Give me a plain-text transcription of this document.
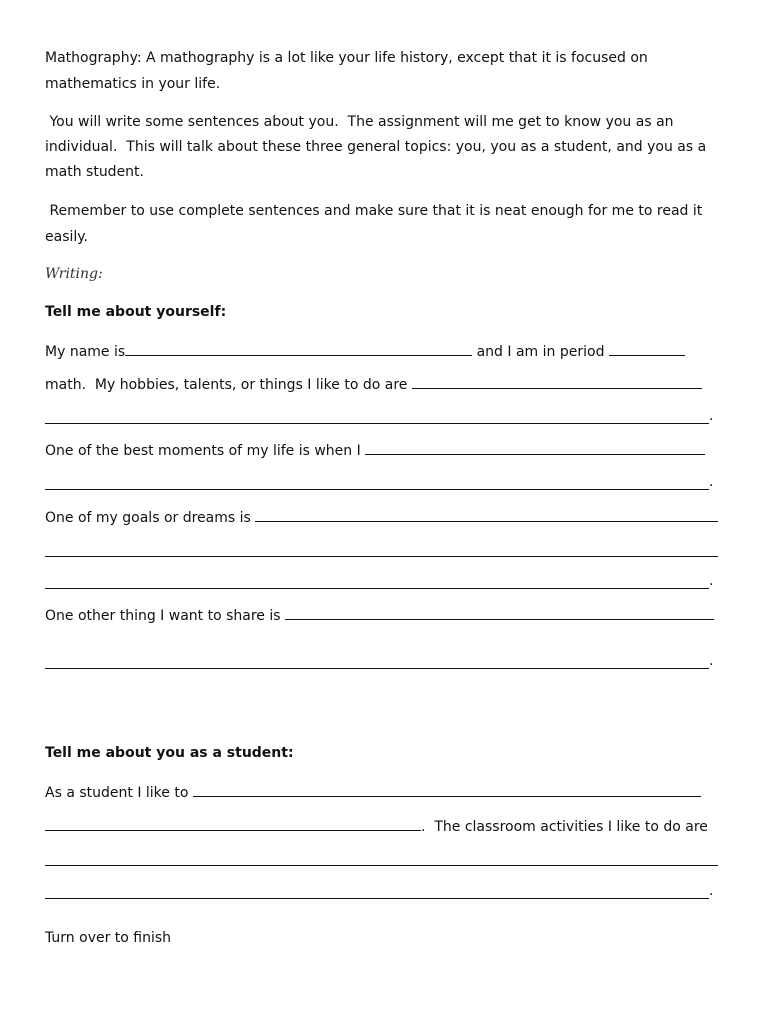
Mathography: A mathography is a lot like your life history, except that it is focused on
mathematics in your life.
You will write some sentences about you.  The assignment will me get to know you as an
individual.  This will talk about these three general topics: you, you as a student, and you as a
math student.
Remember to use complete sentences and make sure that it is neat enough for me to read it
easily.
Writing:
Tell me about yourself:
My name is	and I am in period
math.  My hobbies, talents, or things I like to do are
.
One of the best moments of my life is when I
.
One of my goals or dreams is
.
One other thing I want to share is
.
Tell me about you as a student:
As a student I like to
.  The classroom activities I like to do are
.
Turn over to finish
